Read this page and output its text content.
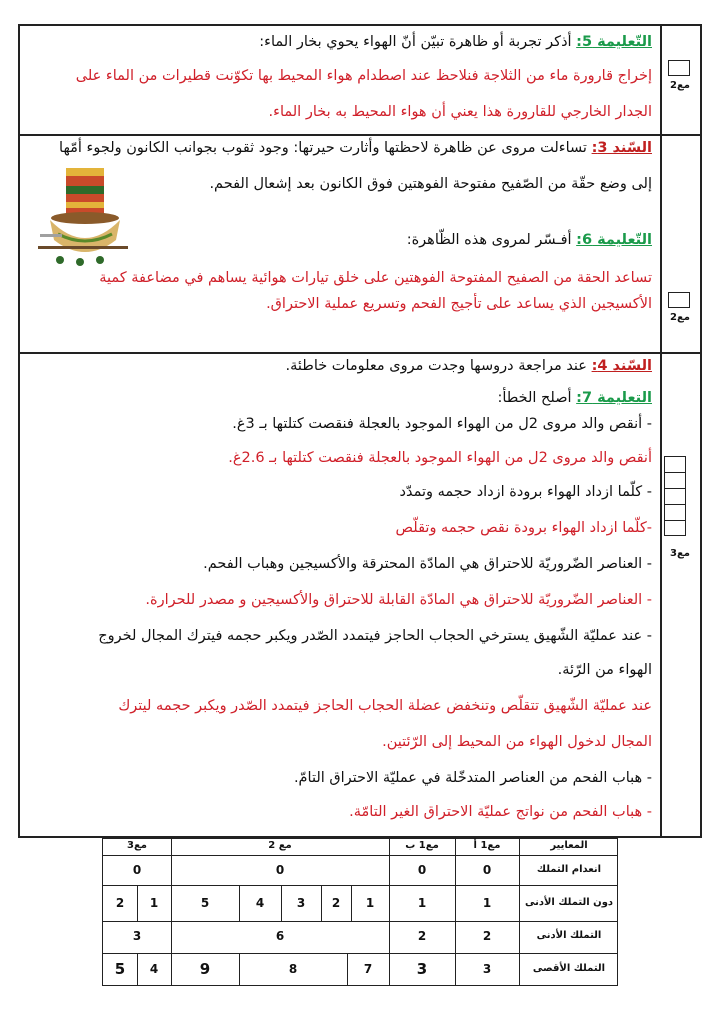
التّعليمة 5: أذكر تجربة أو ظاهرة تبيّن أنّ الهواء يحوي بخار الماء:
إخراج قارورة ماء من الثلاجة فنلاحظ عند اصطدام هواء المحيط بها تكوّنت قطيرات من الماء على
الجدار الخارجي للقارورة هذا يعني أن هواء المحيط به بخار الماء.
مع2
السّند 3: تساءلت مروى عن ظاهرة لاحظتها وأثارت حيرتها: وجود ثقوب بجوانب الكانون ولجوء أمّها
إلى وضع حقّة من الصّفيح مفتوحة الفوهتين فوق الكانون بعد إشعال الفحم.
التّعليمة 6: أفـسّر لمروى هذه الظّاهرة:
تساعد الحقة من الصفيح المفتوحة الفوهتين على خلق تيارات هوائية يساهم في مضاعفة كمية
الأكسيجين الذي يساعد على تأجيج الفحم وتسريع عملية الاحتراق.
مع2
السّند 4: عند مراجعة دروسها وجدت مروى معلومات خاطئة.
التعليمة 7: أصلح الخطأ:
- أنقص والد مروى 2ل من الهواء الموجود بالعجلة فنقصت كتلتها بـ 3غ.
أنقص والد مروى 2ل من الهواء الموجود بالعجلة فنقصت كتلتها بـ 2.6غ.
- كلّما ازداد الهواء برودة ازداد حجمه وتمدّد
-كلّما ازداد الهواء برودة نقص حجمه وتقلّص
- العناصر الضّروريّة للاحتراق هي المادّة المحترقة والأكسيجين وهباب الفحم.
- العناصر الضّروريّة للاحتراق هي المادّة القابلة للاحتراق والأكسيجين و مصدر للحرارة.
- عند عمليّة الشّهيق يسترخي الحجاب الحاجز فيتمدد الصّدر ويكبر حجمه فيترك المجال لخروج
الهواء من الرّئة.
عند عمليّة الشّهيق تتقلّص وتنخفض عضلة الحجاب الحاجز فيتمدد الصّدر ويكبر حجمه ليترك
المجال لدخول الهواء من المحيط إلى الرّئتين.
- هباب الفحم من العناصر المتدخّلة في عمليّة الاحتراق التامّ.
- هباب الفحم من نواتج عمليّة الاحتراق الغير التامّة.
مع3
المعايير
مع1 أ
مع1 ب
مع 2
مع3
انعدام التملك
0
0
0
0
دون التملك الأدنى
1
1
1
2
3
4
5
1
2
التملك الأدنى
2
2
6
3
التملك الأقصى
3
3
7
8
9
4
5
